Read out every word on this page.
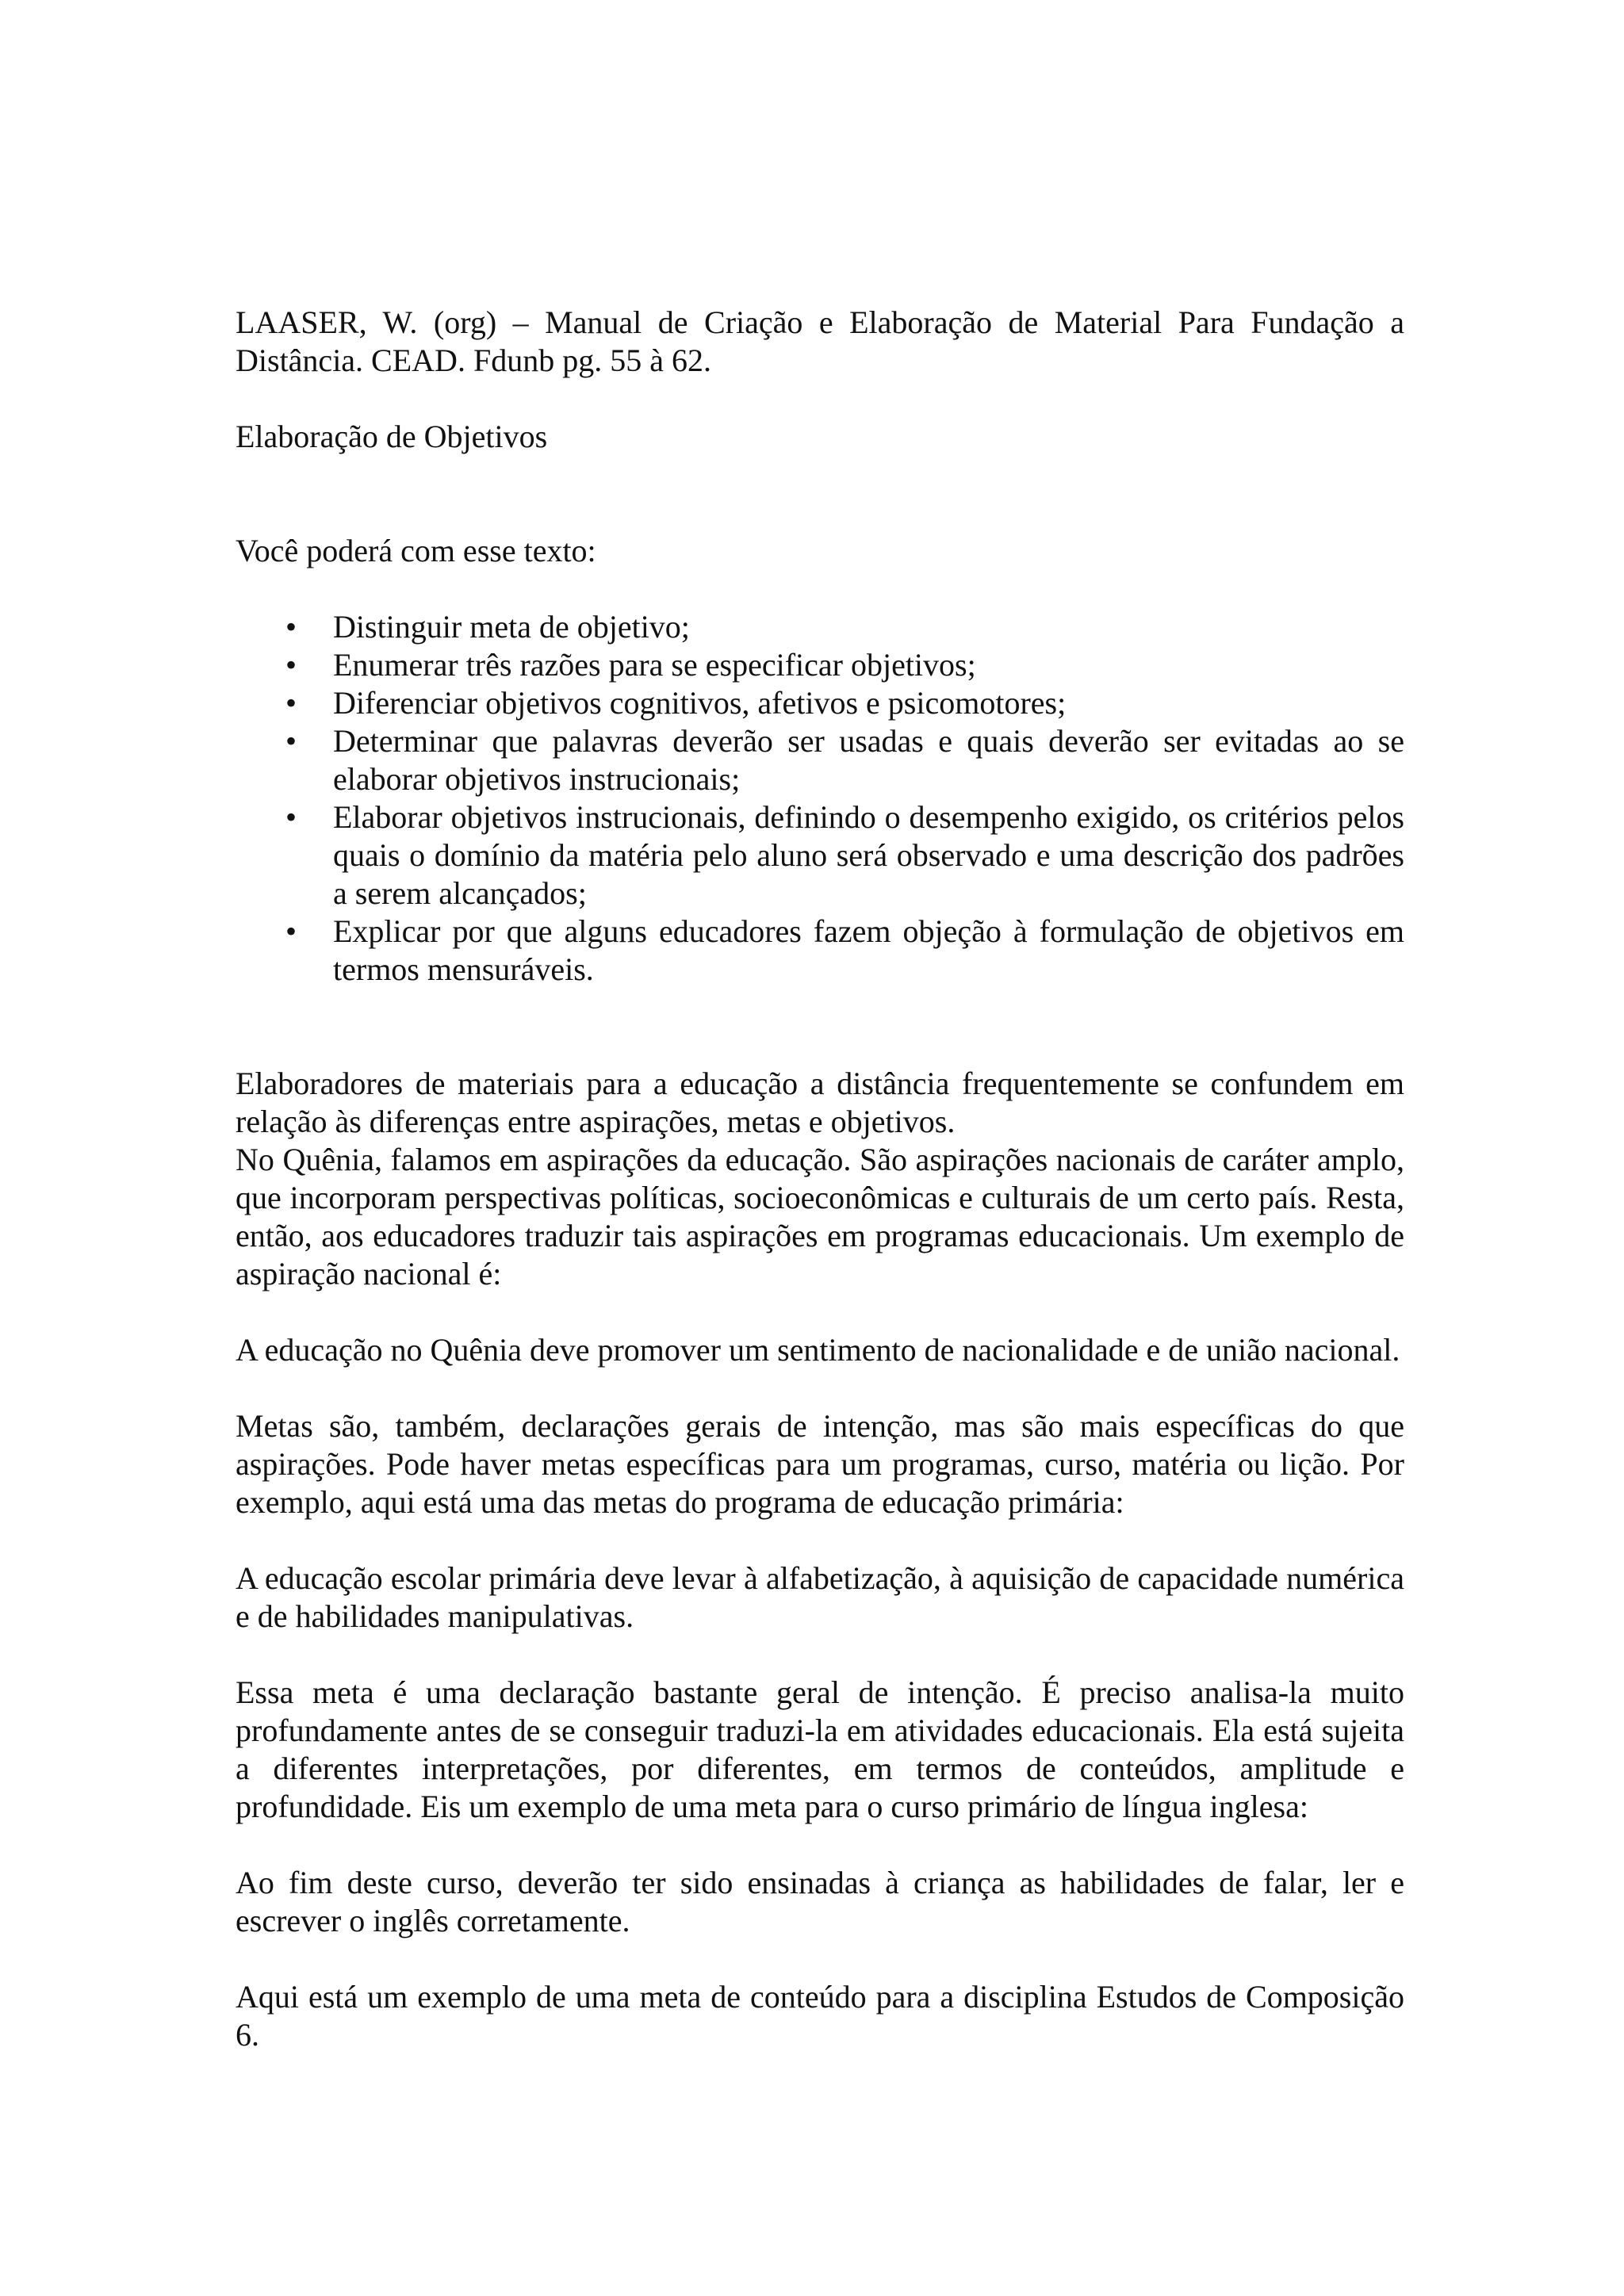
LAASER, W. (org) – Manual de Criação e Elaboração de Material Para Fundação a Distância. CEAD. Fdunb pg. 55 à 62.

Elaboração de Objetivos

Você poderá com esse texto:

• Distinguir meta de objetivo;
• Enumerar três razões para se especificar objetivos;
• Diferenciar objetivos cognitivos, afetivos e psicomotores;
• Determinar que palavras deverão ser usadas e quais deverão ser evitadas ao se elaborar objetivos instrucionais;
• Elaborar objetivos instrucionais, definindo o desempenho exigido, os critérios pelos quais o domínio da matéria pelo aluno será observado e uma descrição dos padrões a serem alcançados;
• Explicar por que alguns educadores fazem objeção à formulação de objetivos em termos mensuráveis.

Elaboradores de materiais para a educação a distância frequentemente se confundem em relação às diferenças entre aspirações, metas e objetivos.

No Quênia, falamos em aspirações da educação. São aspirações nacionais de caráter amplo, que incorporam perspectivas políticas, socioeconômicas e culturais de um certo país. Resta, então, aos educadores traduzir tais aspirações em programas educacionais. Um exemplo de aspiração nacional é:

A educação no Quênia deve promover um sentimento de nacionalidade e de união nacional.

Metas são, também, declarações gerais de intenção, mas são mais específicas do que aspirações. Pode haver metas específicas para um programas, curso, matéria ou lição. Por exemplo, aqui está uma das metas do programa de educação primária:

A educação escolar primária deve levar à alfabetização, à aquisição de capacidade numérica e de habilidades manipulativas.

Essa meta é uma declaração bastante geral de intenção. É preciso analisa-la muito profundamente antes de se conseguir traduzi-la em atividades educacionais. Ela está sujeita a diferentes interpretações, por diferentes, em termos de conteúdos, amplitude e profundidade. Eis um exemplo de uma meta para o curso primário de língua inglesa:

Ao fim deste curso, deverão ter sido ensinadas à criança as habilidades de falar, ler e escrever o inglês corretamente.

Aqui está um exemplo de uma meta de conteúdo para a disciplina Estudos de Composição 6.
